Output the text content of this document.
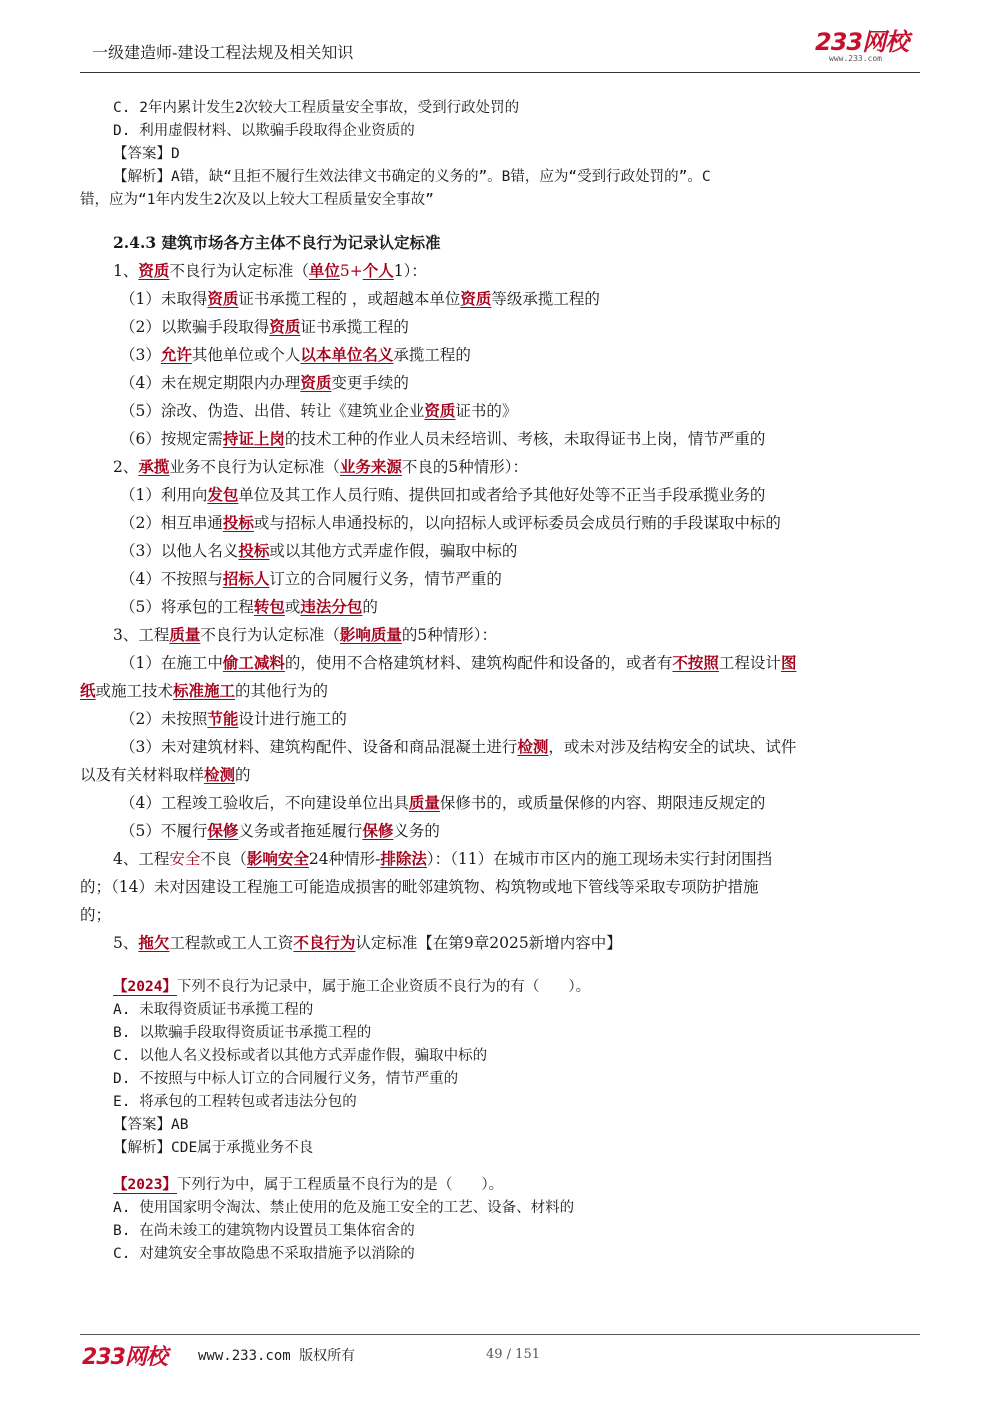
一级建造师-建设工程法规及相关知识	233网校
www.233.com
C. 2年内累计发生2次较大工程质量安全事故，受到行政处罚的
D. 利用虚假材料、以欺骗手段取得企业资质的
【答案】D
【解析】A错，缺“且拒不履行生效法律文书确定的义务的”。B错，应为“受到行政处罚的”。C
错，应为“1年内发生2次及以上较大工程质量安全事故”
2.4.3 建筑市场各方主体不良行为记录认定标准
1、资质不良行为认定标准（单位5+个人1）：
（1）未取得资质证书承揽工程的 ，或超越本单位资质等级承揽工程的
（2）以欺骗手段取得资质证书承揽工程的
（3）允许其他单位或个人以本单位名义承揽工程的
（4）未在规定期限内办理资质变更手续的
（5）涂改、伪造、出借、转让《建筑业企业资质证书的》
（6）按规定需持证上岗的技术工种的作业人员未经培训、考核，未取得证书上岗，情节严重的
2、承揽业务不良行为认定标准（业务来源不良的5种情形）：
（1）利用向发包单位及其工作人员行贿、提供回扣或者给予其他好处等不正当手段承揽业务的
（2）相互串通投标或与招标人串通投标的，以向招标人或评标委员会成员行贿的手段谋取中标的
（3）以他人名义投标或以其他方式弄虚作假，骗取中标的
（4）不按照与招标人订立的合同履行义务，情节严重的
（5）将承包的工程转包或违法分包的
3、工程质量不良行为认定标准（影响质量的5种情形）：
（1）在施工中偷工减料的，使用不合格建筑材料、建筑构配件和设备的，或者有不按照工程设计图
纸或施工技术标准施工的其他行为的
（2）未按照节能设计进行施工的
（3）未对建筑材料、建筑构配件、设备和商品混凝土进行检测，或未对涉及结构安全的试块、试件
以及有关材料取样检测的
（4）工程竣工验收后，不向建设单位出具质量保修书的，或质量保修的内容、期限违反规定的
（5）不履行保修义务或者拖延履行保修义务的
4、工程安全不良（影响安全24种情形-排除法）：（11）在城市市区内的施工现场未实行封闭围挡
的；（14）未对因建设工程施工可能造成损害的毗邻建筑物、构筑物或地下管线等采取专项防护措施
的；
5、拖欠工程款或工人工资不良行为认定标准【在第9章2025新增内容中】
【2024】下列不良行为记录中，属于施工企业资质不良行为的有（　　）。
A. 未取得资质证书承揽工程的
B. 以欺骗手段取得资质证书承揽工程的
C. 以他人名义投标或者以其他方式弄虚作假，骗取中标的
D. 不按照与中标人订立的合同履行义务，情节严重的
E. 将承包的工程转包或者违法分包的
【答案】AB
【解析】CDE属于承揽业务不良
【2023】下列行为中，属于工程质量不良行为的是（　　）。
A. 使用国家明令淘汰、禁止使用的危及施工安全的工艺、设备、材料的
B. 在尚未竣工的建筑物内设置员工集体宿舍的
C. 对建筑安全事故隐患不采取措施予以消除的
233网校 www.233.com 版权所有	49 / 151
